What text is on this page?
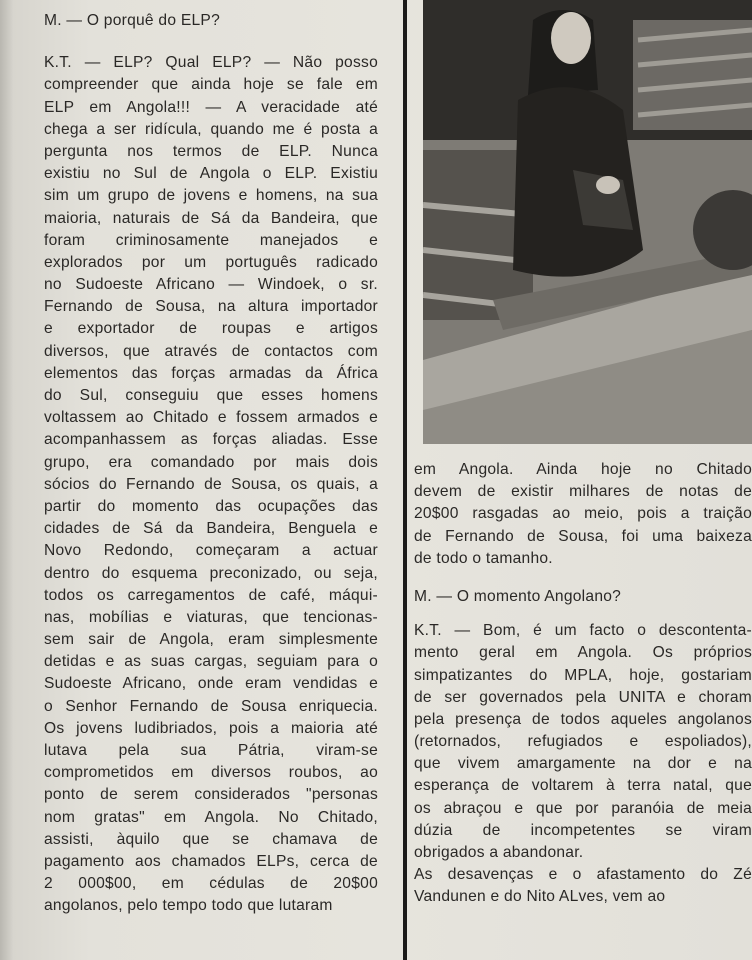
M. — O porquê do ELP?
K.T. — ELP? Qual ELP? — Não posso
compreender que ainda hoje se fale em
ELP em Angola!!! — A veracidade até
chega a ser ridícula, quando me é posta a
pergunta nos termos de ELP. Nunca
existiu no Sul de Angola o ELP. Existiu
sim um grupo de jovens e homens, na sua
maioria, naturais de Sá da Bandeira, que
foram criminosamente manejados e
explorados por um português radicado
no Sudoeste Africano — Windoek, o sr.
Fernando de Sousa, na altura importador
e exportador de roupas e artigos
diversos, que através de contactos com
elementos das forças armadas da África
do Sul, conseguiu que esses homens
voltassem ao Chitado e fossem armados e
acompanhassem as forças aliadas. Esse
grupo, era comandado por mais dois
sócios do Fernando de Sousa, os quais, a
partir do momento das ocupações das
cidades de Sá da Bandeira, Benguela e
Novo Redondo, começaram a actuar
dentro do esquema preconizado, ou seja,
todos os carregamentos de café, máqui-
nas, mobílias e viaturas, que tencionas-
sem sair de Angola, eram simplesmente
detidas e as suas cargas, seguiam para o
Sudoeste Africano, onde eram vendidas e
o Senhor Fernando de Sousa enriquecia.
Os jovens ludibriados, pois a maioria até
lutava pela sua Pátria, viram-se
comprometidos em diversos roubos, ao
ponto de serem considerados "personas
nom gratas" em Angola. No Chitado,
assisti, àquilo que se chamava de
pagamento aos chamados ELPs, cerca de
2 000$00, em cédulas de 20$00
angolanos, pelo tempo todo que lutaram
em Angola. Ainda hoje no Chitado
devem de existir milhares de notas de
20$00 rasgadas ao meio, pois a traição
de Fernando de Sousa, foi uma baixeza
de todo o tamanho.
M. — O momento Angolano?
K.T. — Bom, é um facto o descontenta-
mento geral em Angola. Os próprios
simpatizantes do MPLA, hoje, gostariam
de ser governados pela UNITA e choram
pela presença de todos aqueles angolanos
(retornados, refugiados e espoliados),
que vivem amargamente na dor e na
esperança de voltarem à terra natal, que
os abraçou e que por paranóia de meia
dúzia de incompetentes se viram
obrigados a abandonar.
As desavenças e o afastamento do Zé
Vandunen e do Nito ALves, vem ao
